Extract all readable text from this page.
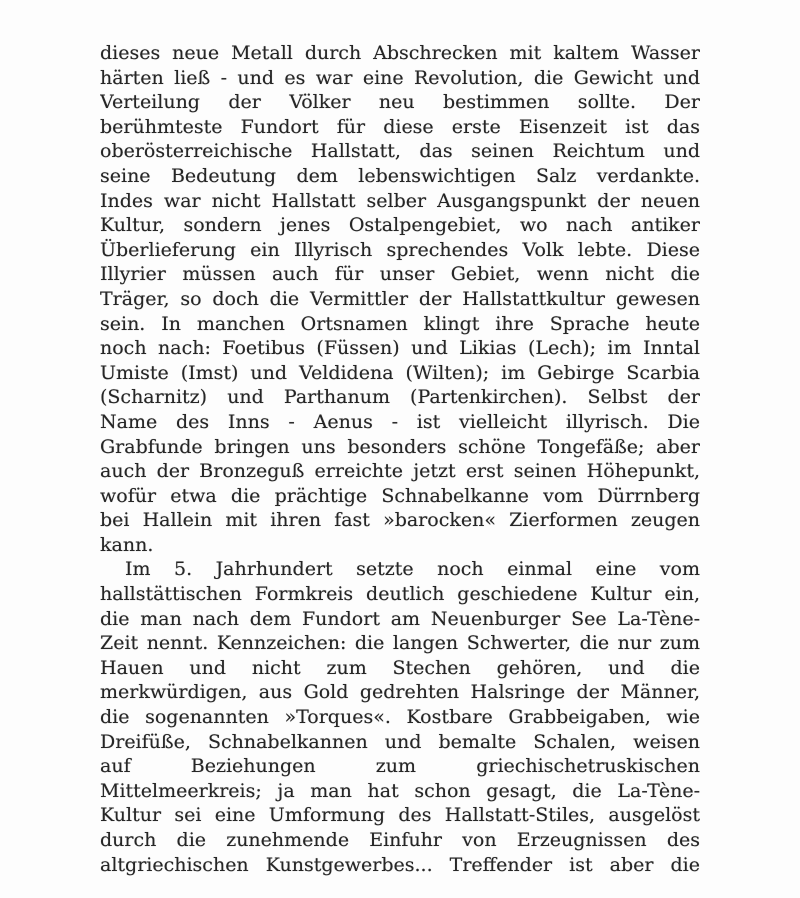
dieses neue Metall durch Abschrecken mit kaltem Wasser
härten ließ - und es war eine Revolution, die Gewicht und
Verteilung der Völker neu bestimmen sollte. Der
berühmteste Fundort für diese erste Eisenzeit ist das
oberösterreichische Hallstatt, das seinen Reichtum und
seine Bedeutung dem lebenswichtigen Salz verdankte.
Indes war nicht Hallstatt selber Ausgangspunkt der neuen
Kultur, sondern jenes Ostalpengebiet, wo nach antiker
Überlieferung ein Illyrisch sprechendes Volk lebte. Diese
Illyrier müssen auch für unser Gebiet, wenn nicht die
Träger, so doch die Vermittler der Hallstattkultur gewesen
sein. In manchen Ortsnamen klingt ihre Sprache heute
noch nach: Foetibus (Füssen) und Likias (Lech); im Inntal
Umiste (Imst) und Veldidena (Wilten); im Gebirge Scarbia
(Scharnitz) und Parthanum (Partenkirchen). Selbst der
Name des Inns - Aenus - ist vielleicht illyrisch. Die
Grabfunde bringen uns besonders schöne Tongefäße; aber
auch der Bronzeguß erreichte jetzt erst seinen Höhepunkt,
wofür etwa die prächtige Schnabelkanne vom Dürrnberg
bei Hallein mit ihren fast »barocken« Zierformen zeugen
kann.
Im 5. Jahrhundert setzte noch einmal eine vom
hallstättischen Formkreis deutlich geschiedene Kultur ein,
die man nach dem Fundort am Neuenburger See La-Tène-
Zeit nennt. Kennzeichen: die langen Schwerter, die nur zum
Hauen und nicht zum Stechen gehören, und die
merkwürdigen, aus Gold gedrehten Halsringe der Männer,
die sogenannten »Torques«. Kostbare Grabbeigaben, wie
Dreifüße, Schnabelkannen und bemalte Schalen, weisen
auf Beziehungen zum griechischetruskischen
Mittelmeerkreis; ja man hat schon gesagt, die La-Tène-
Kultur sei eine Umformung des Hallstatt-Stiles, ausgelöst
durch die zunehmende Einfuhr von Erzeugnissen des
altgriechischen Kunstgewerbes... Treffender ist aber die
